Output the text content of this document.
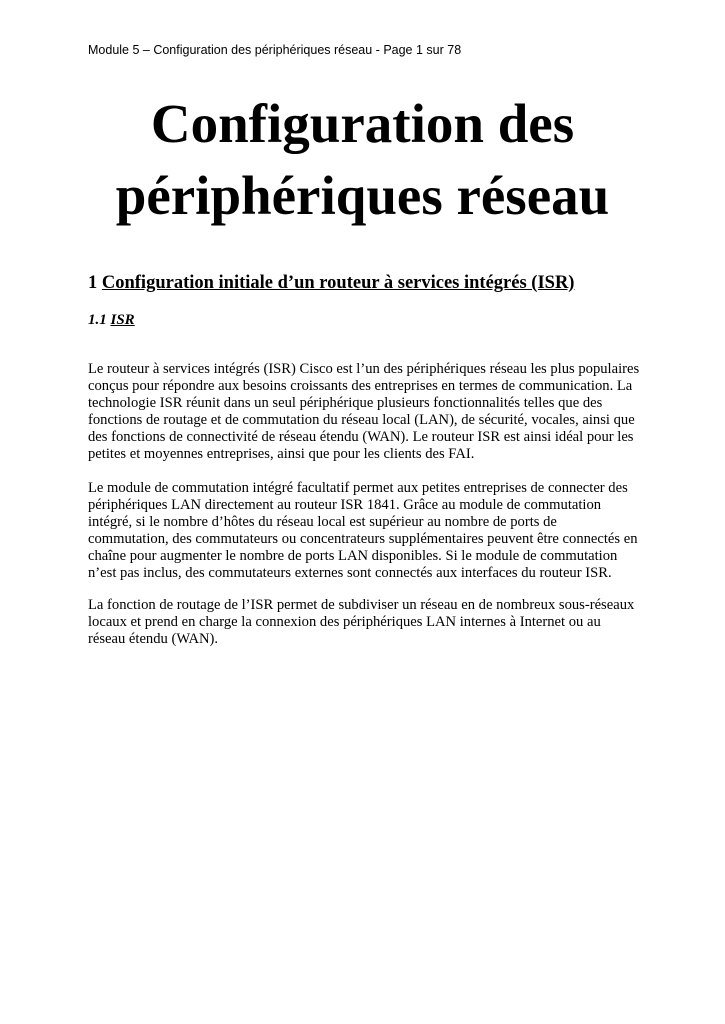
Module 5 – Configuration des périphériques réseau - Page 1 sur 78
Configuration des
périphériques réseau
1 Configuration initiale d’un routeur à services intégrés (ISR)
1.1 ISR

Le routeur à services intégrés (ISR) Cisco est l’un des périphériques réseau les plus populaires
conçus pour répondre aux besoins croissants des entreprises en termes de communication. La
technologie ISR réunit dans un seul périphérique plusieurs fonctionnalités telles que des
fonctions de routage et de commutation du réseau local (LAN), de sécurité, vocales, ainsi que
des fonctions de connectivité de réseau étendu (WAN). Le routeur ISR est ainsi idéal pour les
petites et moyennes entreprises, ainsi que pour les clients des FAI.

Le module de commutation intégré facultatif permet aux petites entreprises de connecter des
périphériques LAN directement au routeur ISR 1841. Grâce au module de commutation
intégré, si le nombre d’hôtes du réseau local est supérieur au nombre de ports de
commutation, des commutateurs ou concentrateurs supplémentaires peuvent être connectés en
chaîne pour augmenter le nombre de ports LAN disponibles. Si le module de commutation
n’est pas inclus, des commutateurs externes sont connectés aux interfaces du routeur ISR.

La fonction de routage de l’ISR permet de subdiviser un réseau en de nombreux sous-réseaux
locaux et prend en charge la connexion des périphériques LAN internes à Internet ou au
réseau étendu (WAN).
